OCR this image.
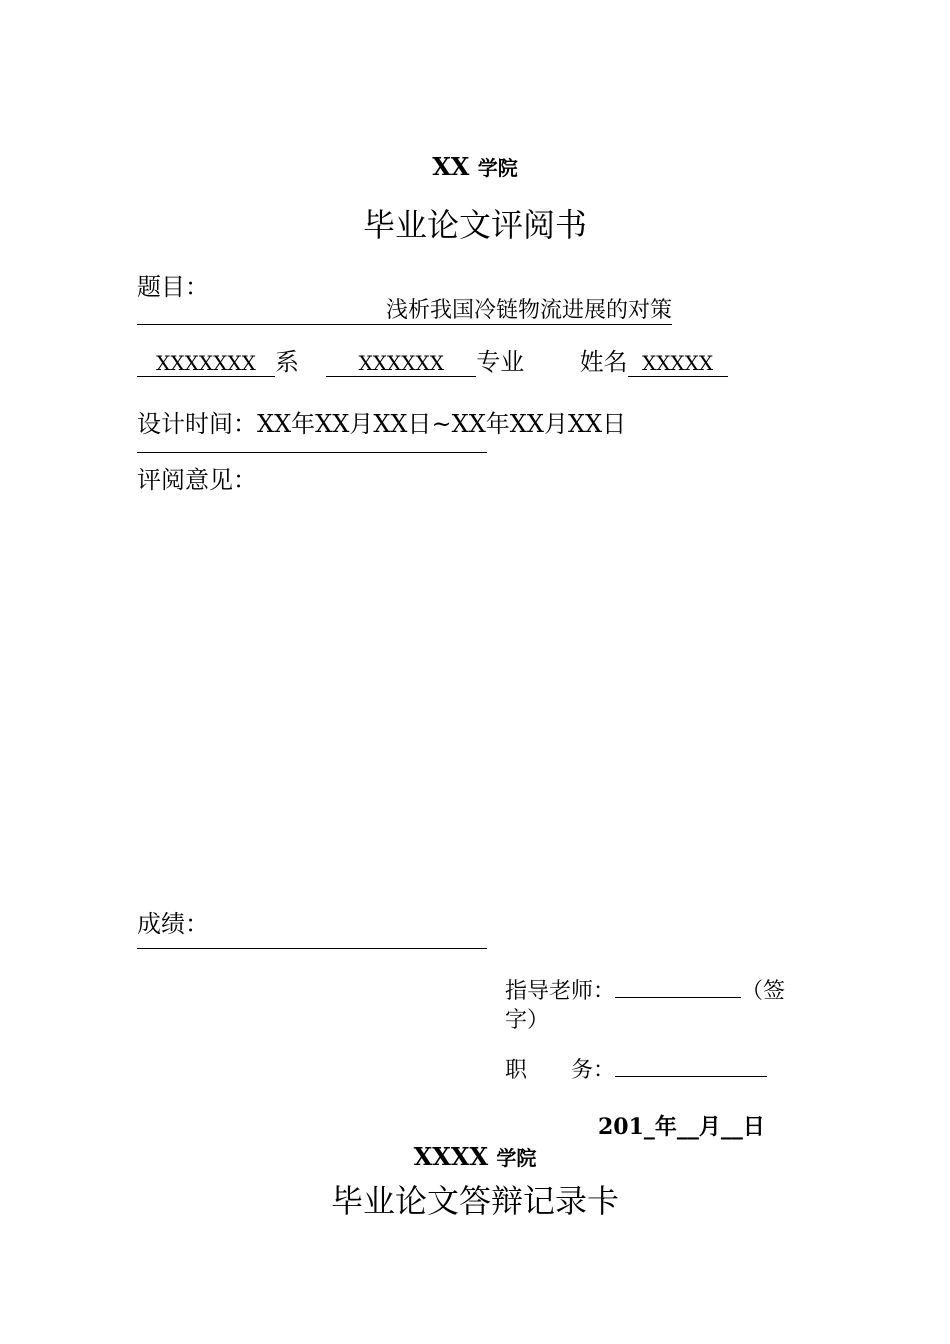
XX 学院
毕业论文评阅书
题目：
浅析我国冷链物流进展的对策
XXXXXXX 系	XXXXXX 专业 姓名 XXXXX
设计时间：XX年XX月XX日~XX年XX月XX日
评阅意见：
成绩：
指导老师：	（签
字）
职　　务：
201_年__月__日
XXXX 学院
毕业论文答辩记录卡
